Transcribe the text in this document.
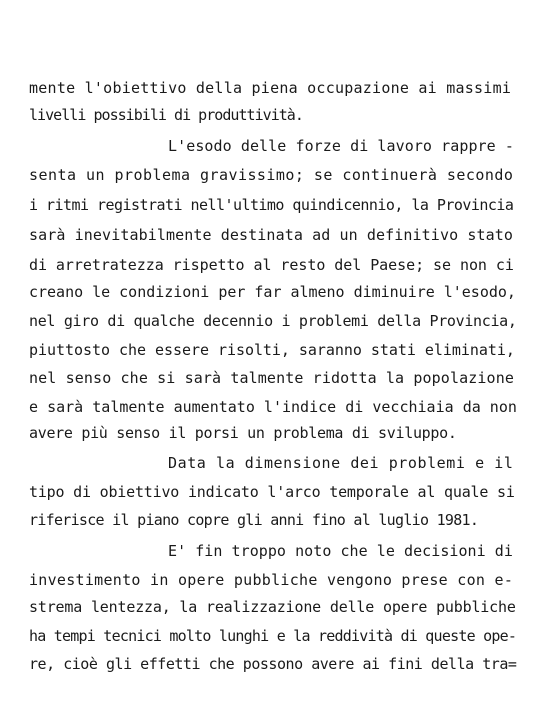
mente l'obiettivo della piena occupazione ai massimi
livelli possibili di produttività.
L'esodo delle forze di lavoro rappre -
senta un problema gravissimo; se continuerà secondo
i ritmi registrati nell'ultimo quindicennio, la Provincia
sarà inevitabilmente destinata ad un definitivo stato
di arretratezza rispetto al resto del Paese; se non ci
creano le condizioni per far almeno diminuire l'esodo,
nel giro di qualche decennio i problemi della Provincia,
piuttosto che essere risolti, saranno stati eliminati,
nel senso che si sarà talmente ridotta la popolazione
e sarà talmente aumentato l'indice di vecchiaia da non
avere più senso il porsi un problema di sviluppo.
Data la dimensione dei problemi e il
tipo di obiettivo indicato l'arco temporale al quale si
riferisce il piano copre gli anni fino al luglio 1981.
E' fin troppo noto che le decisioni di
investimento in opere pubbliche vengono prese con e-
strema lentezza, la realizzazione delle opere pubbliche
ha tempi tecnici molto lunghi e la reddività di queste ope-
re, cioè gli effetti che possono avere ai fini della tra=
